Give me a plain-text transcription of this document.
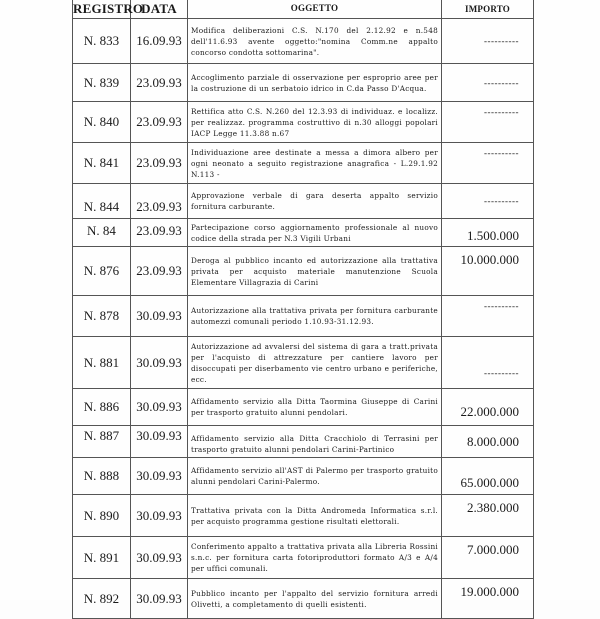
REGISTRO	DATA	OGGETTO	IMPORTO
N. 833	16.09.93	Modifica deliberazioni C.S. N.170 del 2.12.92 e n.548 dell'11.6.93 avente oggetto:"nomina Comm.ne appalto concorso condotta sottomarina".	----------
N. 839	23.09.93	Accoglimento parziale di osservazione per esproprio aree per la costruzione di un serbatoio idrico in C.da Passo D'Acqua.	----------
N. 840	23.09.93	Rettifica atto C.S. N.260 del 12.3.93 di individuaz. e localizz. per realizzaz. programma costruttivo di n.30 alloggi popolari IACP Legge 11.3.88 n.67	----------
N. 841	23.09.93	Individuazione aree destinate a messa a dimora albero per ogni neonato a seguito registrazione anagrafica - L.29.1.92 N.113 -	----------
N. 844	23.09.93	Approvazione verbale di gara deserta appalto servizio fornitura carburante.	----------
N. 84	23.09.93	Partecipazione corso aggiornamento professionale al nuovo codice della strada per N.3 Vigili Urbani	1.500.000
N. 876	23.09.93	Deroga al pubblico incanto ed autorizzazione alla trattativa privata per acquisto materiale manutenzione Scuola Elementare Villagrazia di Carini	10.000.000
N. 878	30.09.93	Autorizzazione alla trattativa privata per fornitura carburante automezzi comunali periodo 1.10.93-31.12.93.	----------
N. 881	30.09.93	Autorizzazione ad avvalersi del sistema di gara a tratt.privata per l'acquisto di attrezzature per cantiere lavoro per disoccupati per diserbamento vie centro urbano e periferiche, ecc.	----------
N. 886	30.09.93	Affidamento servizio alla Ditta Taormina Giuseppe di Carini per trasporto gratuito alunni pendolari.	22.000.000
N. 887	30.09.93	Affidamento servizio alla Ditta Cracchiolo di Terrasini per trasporto gratuito alunni pendolari Carini-Partinico	8.000.000
N. 888	30.09.93	Affidamento servizio all'AST di Palermo per trasporto gratuito alunni pendolari Carini-Palermo.	65.000.000
N. 890	30.09.93	Trattativa privata con la Ditta Andromeda Informatica s.r.l. per acquisto programma gestione risultati elettorali.	2.380.000
N. 891	30.09.93	Conferimento appalto a trattativa privata alla Libreria Rossini s.n.c. per fornitura carta fotoriproduttori formato A/3 e A/4 per uffici comunali.	7.000.000
N. 892	30.09.93	Pubblico incanto per l'appalto del servizio fornitura arredi Olivetti, a completamento di quelli esistenti.	19.000.000
